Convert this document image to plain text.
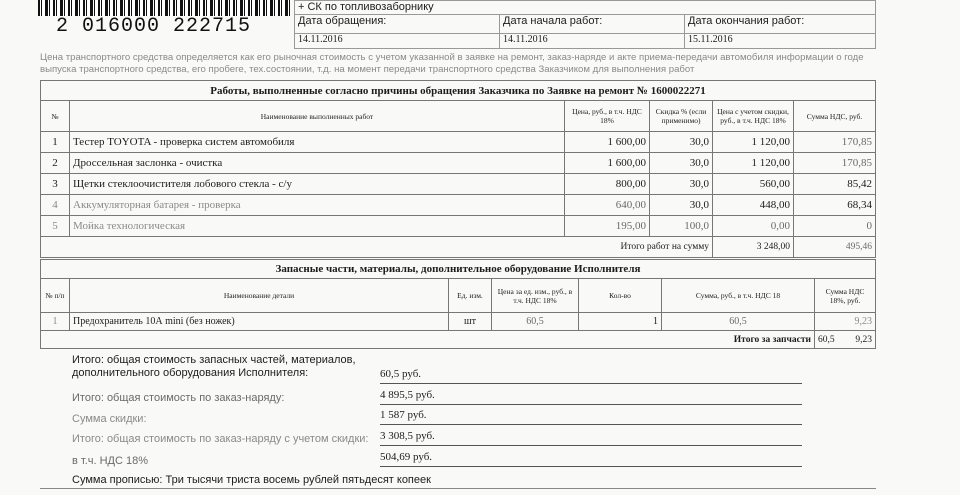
2 016000 222715
+ СК по топливозаборнику		
Дата обращения:	Дата начала работ:	Дата окончания работ:
14.11.2016	14.11.2016	15.11.2016
Цена транспортного средства определяется как его рыночная стоимость с учетом указанной в заявке на ремонт, заказ-наряде и акте приема-передачи автомобиля информации о годе выпуска транспортного средства, его пробеге, тех.состоянии, т.д. на момент передачи транспортного средства Заказчиком для выполнения работ
Работы, выполненные согласно причины обращения Заказчика по Заявке на ремонт № 1600022271					
№	Наименование выполненных работ	Цена, руб., в т.ч. НДС 18%	Скидка % (если применимо)	Цена с учетом скидки, руб., в т.ч. НДС 18%	Сумма НДС, руб.
1	Тестер TOYOTA - проверка систем автомобиля	1 600,00	30,0	1 120,00	170,85
2	Дроссельная заслонка - очистка	1 600,00	30,0	1 120,00	170,85
3	Щетки стеклоочистителя лобового стекла - с/у	800,00	30,0	560,00	85,42
4	Аккумуляторная батарея - проверка	640,00	30,0	448,00	68,34
5	Мойка технологическая	195,00	100,0	0,00	0
		Итого работ на сумму		3 248,00	495,46
Запасные части, материалы, дополнительное оборудование Исполнителя						
№ п/п	Наименование детали	Ед. изм.	Цена за ед. изм., руб., в т.ч. НДС 18%	Кол-во	Сумма, руб., в т.ч. НДС 18	Сумма НДС 18%, руб.
1	Предохранитель 10А mini (без ножек)	шт	60,5	1	60,5	9,23
					Итого за запчасти	60,5 9,23
Итого: общая стоимость запасных частей, материалов, дополнительного оборудования Исполнителя:	60,5 руб.
Итого: общая стоимость по заказ-наряду:	4 895,5 руб.
Сумма скидки:	1 587 руб.
Итого: общая стоимость по заказ-наряду с учетом скидки: 3 308,5 руб.
в т.ч. НДС 18%	504,69 руб.
Сумма прописью: Три тысячи триста восемь рублей пятьдесят копеек
